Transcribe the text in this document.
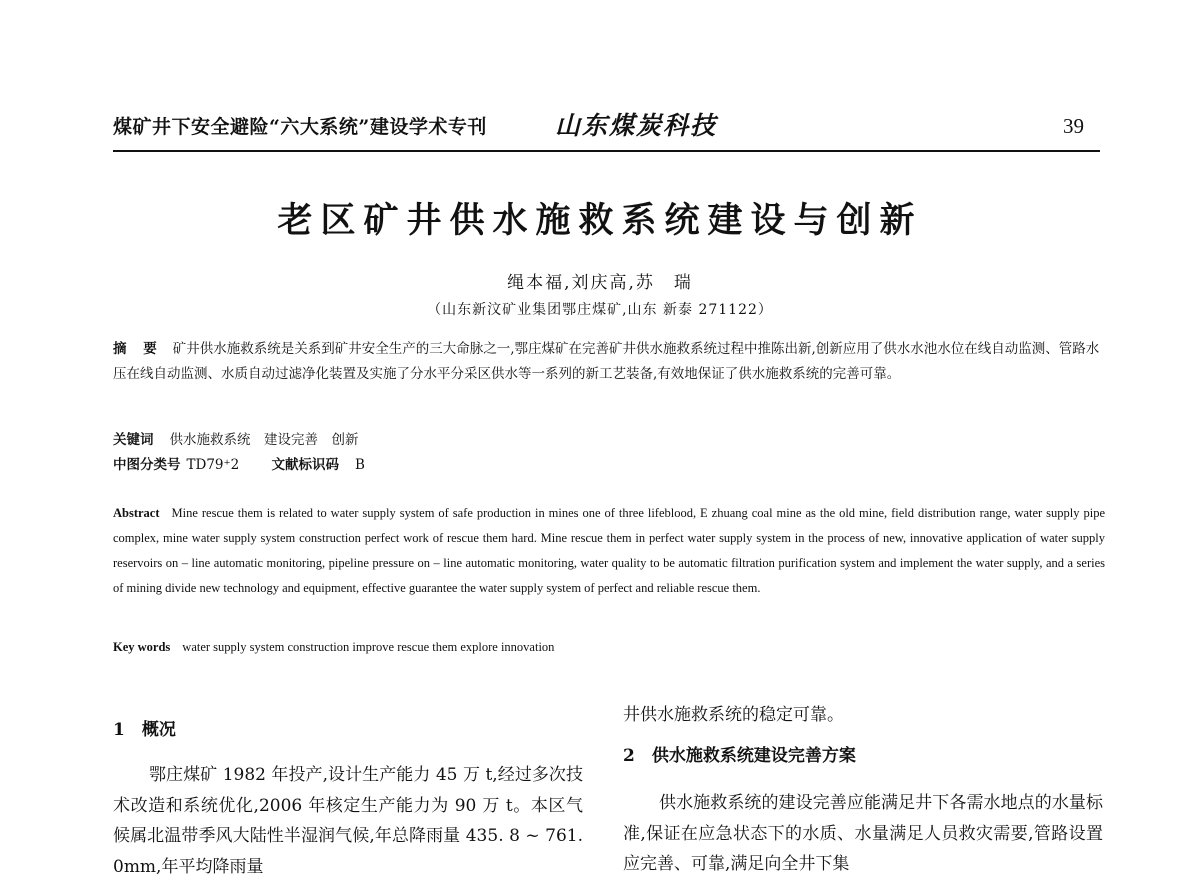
煤矿井下安全避险“六大系统”建设学术专刊	山东煤炭科技	39
老区矿井供水施救系统建设与创新
绳本福,刘庆高,苏　瑞
（山东新汶矿业集团鄂庄煤矿,山东 新泰 271122）
摘 要 矿井供水施救系统是关系到矿井安全生产的三大命脉之一,鄂庄煤矿在完善矿井供水施救系统过程中推陈出新,创新应用了供水水池水位在线自动监测、管路水压在线自动监测、水质自动过滤净化装置及实施了分水平分采区供水等一系列的新工艺装备,有效地保证了供水施救系统的完善可靠。
关键词 供水施救系统　建设完善　创新
中图分类号 TD79⁺2 文献标识码 B
Abstract Mine rescue them is related to water supply system of safe production in mines one of three lifeblood, E zhuang coal mine as the old mine, field distribution range, water supply pipe complex, mine water supply system construction perfect work of rescue them hard. Mine rescue them in perfect water supply system in the process of new, innovative application of water supply reservoirs on – line automatic monitoring, pipeline pressure on – line automatic monitoring, water quality to be automatic filtration purification system and implement the water supply, and a series of mining divide new technology and equipment, effective guarantee the water supply system of perfect and reliable rescue them.
Key words water supply system construction improve rescue them explore innovation
1　概况
鄂庄煤矿 1982 年投产,设计生产能力 45 万 t,经过多次技术改造和系统优化,2006 年核定生产能力为 90 万 t。本区气候属北温带季风大陆性半湿润气候,年总降雨量 435. 8 ~ 761. 0mm,年平均降雨量
井供水施救系统的稳定可靠。
2　供水施救系统建设完善方案
供水施救系统的建设完善应能满足井下各需水地点的水量标准,保证在应急状态下的水质、水量满足人员救灾需要,管路设置应完善、可靠,满足向全井下集
